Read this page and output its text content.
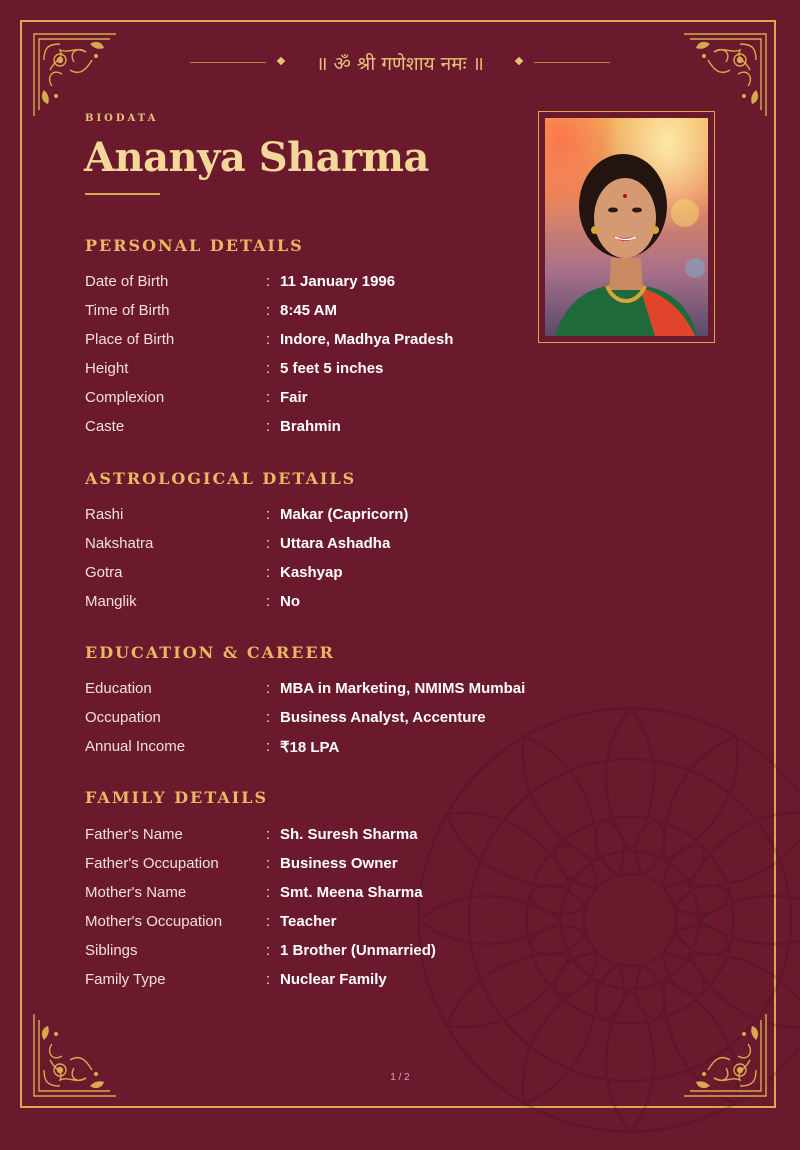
॥ ॐ श्री गणेशाय नमः ॥
BIODATA
Ananya Sharma
PERSONAL DETAILS
Date of Birth	: 11 January 1996
Time of Birth	: 8:45 AM
Place of Birth	: Indore, Madhya Pradesh
Height	: 5 feet 5 inches
Complexion	: Fair
Caste	: Brahmin
ASTROLOGICAL DETAILS
Rashi	: Makar (Capricorn)
Nakshatra	: Uttara Ashadha
Gotra	: Kashyap
Manglik	: No
EDUCATION & CAREER
Education	: MBA in Marketing, NMIMS Mumbai
Occupation	: Business Analyst, Accenture
Annual Income	: ₹18 LPA
FAMILY DETAILS
Father's Name	: Sh. Suresh Sharma
Father's Occupation	: Business Owner
Mother's Name	: Smt. Meena Sharma
Mother's Occupation	: Teacher
Siblings	: 1 Brother (Unmarried)
Family Type	: Nuclear Family
1 / 2
